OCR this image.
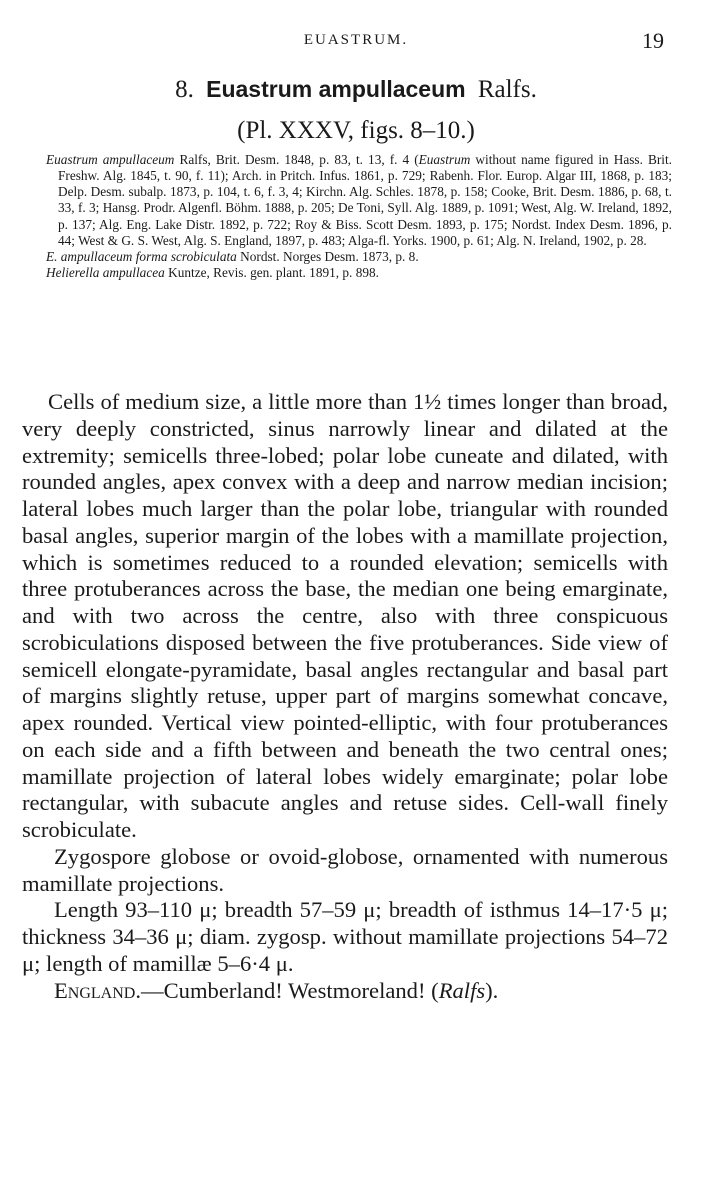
EUASTRUM.	19
8. Euastrum ampullaceum Ralfs.
(Pl. XXXV, figs. 8–10.)

Euastrum ampullaceum Ralfs, Brit. Desm. 1848, p. 83, t. 13, f. 4 (Euastrum without name figured in Hass. Brit. Freshw. Alg. 1845, t. 90, f. 11); Arch. in Pritch. Infus. 1861, p. 729; Rabenh. Flor. Europ. Algar III, 1868, p. 183; Delp. Desm. subalp. 1873, p. 104, t. 6, f. 3, 4; Kirchn. Alg. Schles. 1878, p. 158; Cooke, Brit. Desm. 1886, p. 68, t. 33, f. 3; Hansg. Prodr. Algenfl. Böhm. 1888, p. 205; De Toni, Syll. Alg. 1889, p. 1091; West, Alg. W. Ireland, 1892, p. 137; Alg. Eng. Lake Distr. 1892, p. 722; Roy & Biss. Scott Desm. 1893, p. 175; Nordst. Index Desm. 1896, p. 44; West & G. S. West, Alg. S. England, 1897, p. 483; Alga-fl. Yorks. 1900, p. 61; Alg. N. Ireland, 1902, p. 28.

E. ampullaceum forma scrobiculata Nordst. Norges Desm. 1873, p. 8.

Helierella ampullacea Kuntze, Revis. gen. plant. 1891, p. 898.

Cells of medium size, a little more than 1½ times longer than broad, very deeply constricted, sinus narrowly linear and dilated at the extremity; semicells three-lobed; polar lobe cuneate and dilated, with rounded angles, apex convex with a deep and narrow median incision; lateral lobes much larger than the polar lobe, triangular with rounded basal angles, superior margin of the lobes with a mamillate projection, which is sometimes reduced to a rounded elevation; semicells with three protuberances across the base, the median one being emarginate, and with two across the centre, also with three conspicuous scrobiculations disposed between the five protuberances. Side view of semicell elongate-pyramidate, basal angles rectangular and basal part of margins slightly retuse, upper part of margins somewhat concave, apex rounded. Vertical view pointed-elliptic, with four protuberances on each side and a fifth between and beneath the two central ones; mamillate projection of lateral lobes widely emarginate; polar lobe rectangular, with subacute angles and retuse sides. Cell-wall finely scrobiculate.

Zygospore globose or ovoid-globose, ornamented with numerous mamillate projections.

Length 93–110 μ; breadth 57–59 μ; breadth of isthmus 14–17·5 μ; thickness 34–36 μ; diam. zygosp. without mamillate projections 54–72 μ; length of mamillæ 5–6·4 μ.

England.—Cumberland! Westmoreland! (Ralfs).
